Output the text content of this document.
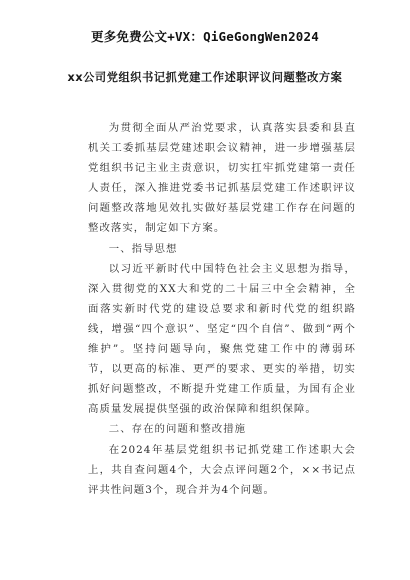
更多免费公文+VX：QiGeGongWen2024
xx公司党组织书记抓党建工作述职评议问题整改方案

为贯彻全面从严治党要求，认真落实县委和县直机关工委抓基层党建述职会议精神，进一步增强基层党组织书记主业主责意识，切实扛牢抓党建第一责任人责任，深入推进党委书记抓基层党建工作述职评议问题整改落地见效扎实做好基层党建工作存在问题的整改落实，制定如下方案。

一、指导思想

以习近平新时代中国特色社会主义思想为指导，深入贯彻党的XX大和党的二十届三中全会精神，全面落实新时代党的建设总要求和新时代党的组织路线，增强“四个意识”、坚定“四个自信”、做到“两个维护”。坚持问题导向，聚焦党建工作中的薄弱环节，以更高的标准、更严的要求、更实的举措，切实抓好问题整改，不断提升党建工作质量，为国有企业高质量发展提供坚强的政治保障和组织保障。

二、存在的问题和整改措施

在2024年基层党组织书记抓党建工作述职大会上，共自查问题4个，大会点评问题2个，××书记点评共性问题3个，现合并为4个问题。
